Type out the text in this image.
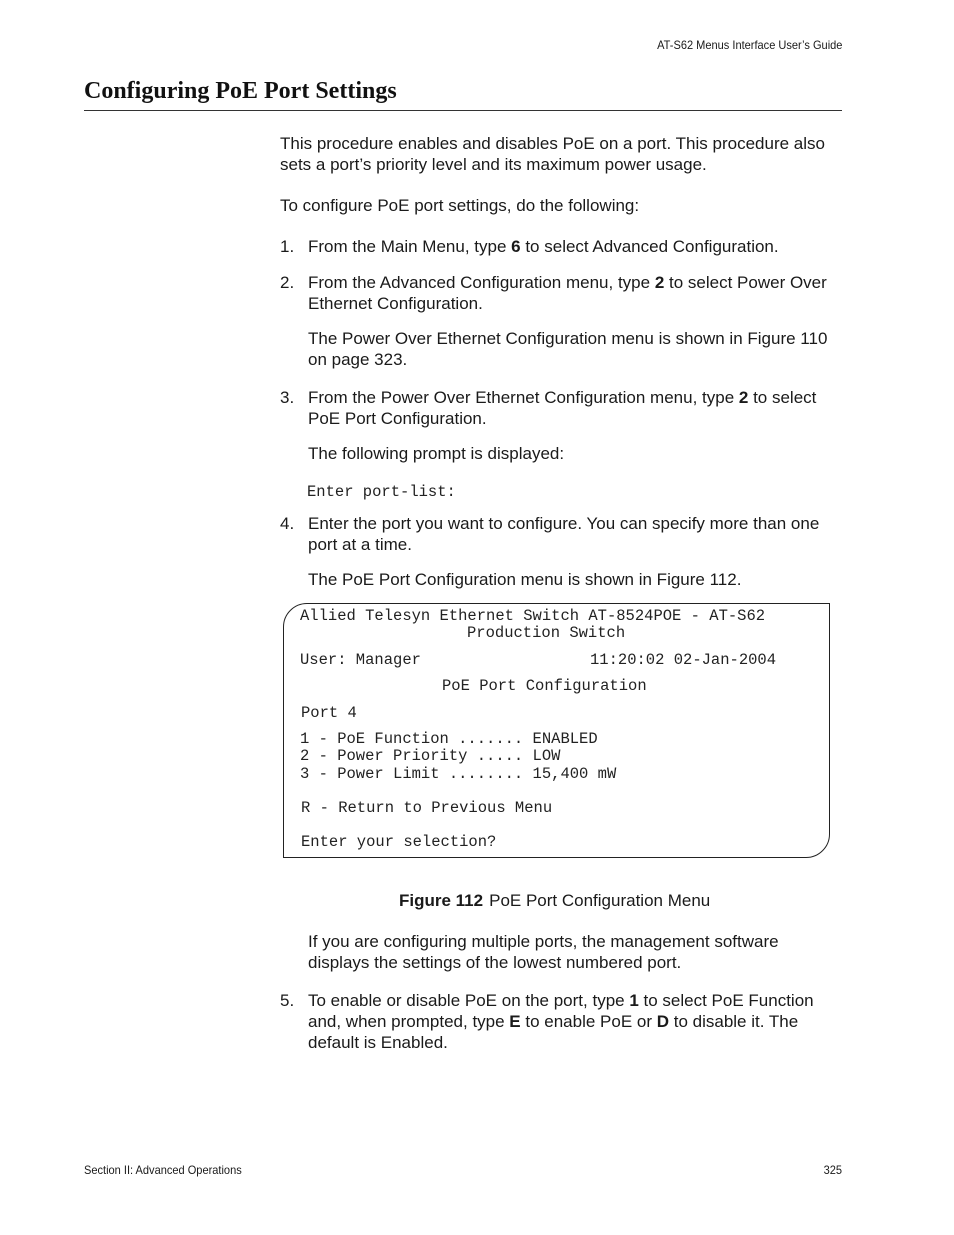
AT-S62 Menus Interface User’s Guide
Configuring PoE Port Settings
This procedure enables and disables PoE on a port. This procedure also sets a port’s priority level and its maximum power usage.
To configure PoE port settings, do the following:
1. From the Main Menu, type 6 to select Advanced Configuration.
2. From the Advanced Configuration menu, type 2 to select Power Over Ethernet Configuration.
The Power Over Ethernet Configuration menu is shown in Figure 110 on page 323.
3. From the Power Over Ethernet Configuration menu, type 2 to select PoE Port Configuration.
The following prompt is displayed:
Enter port-list:
4. Enter the port you want to configure. You can specify more than one port at a time.
The PoE Port Configuration menu is shown in Figure 112.
Allied Telesyn Ethernet Switch AT-8524POE - AT-S62
Production Switch
User: Manager	11:20:02 02-Jan-2004
PoE Port Configuration
Port 4
1 - PoE Function ....... ENABLED
2 - Power Priority ..... LOW
3 - Power Limit ........ 15,400 mW
R - Return to Previous Menu
Enter your selection?
Figure 112 PoE Port Configuration Menu
If you are configuring multiple ports, the management software displays the settings of the lowest numbered port.
5. To enable or disable PoE on the port, type 1 to select PoE Function and, when prompted, type E to enable PoE or D to disable it. The default is Enabled.
Section II: Advanced Operations	325
